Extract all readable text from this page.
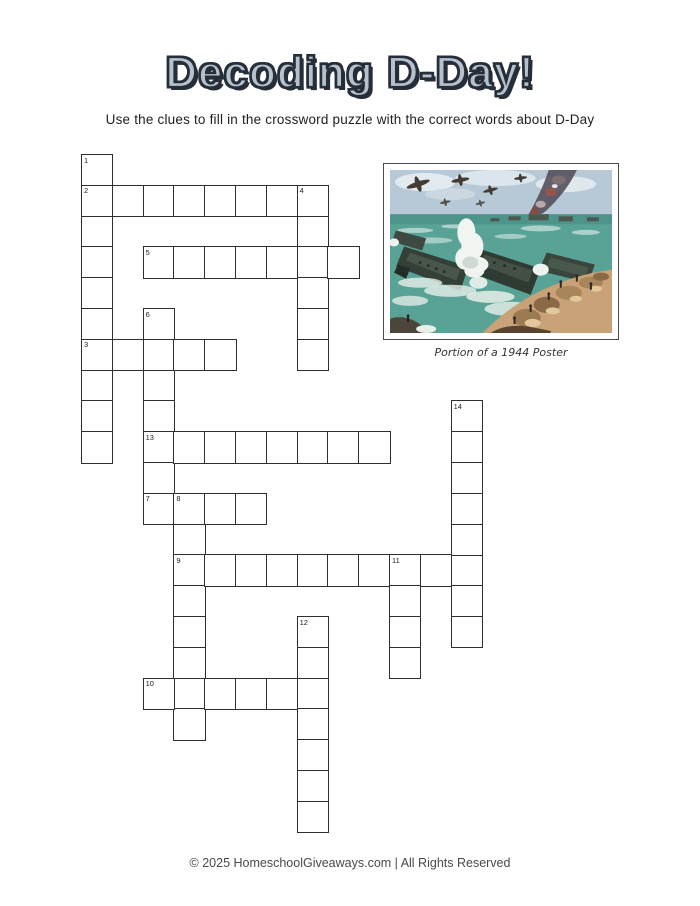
Decoding D-Day!

Use the clues to fill in the crossword puzzle with the correct words about D-Day

1
2
3
4
5
6
13
7	8
9	11
10
12
14
Portion of a 1944 Poster

© 2025 HomeschoolGiveaways.com | All Rights Reserved
